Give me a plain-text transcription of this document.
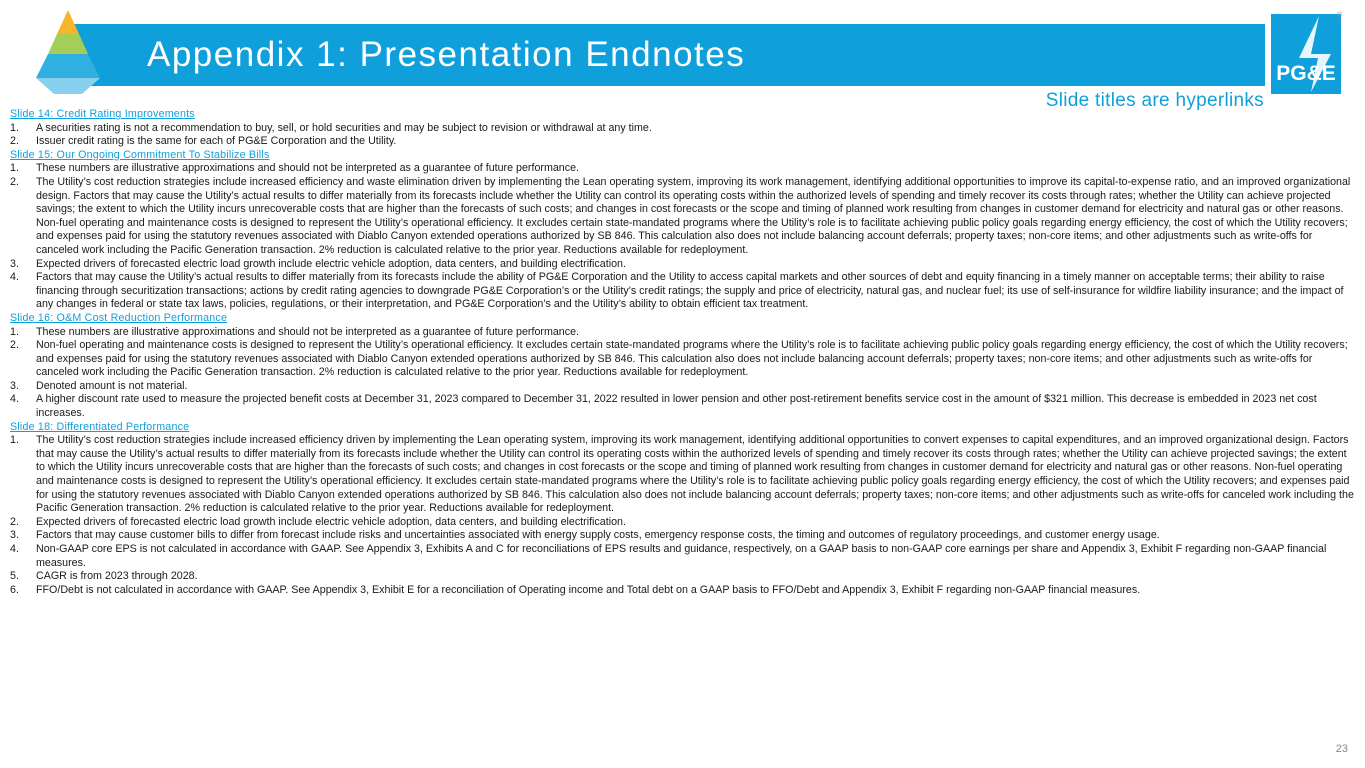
Appendix 1: Presentation Endnotes	PG&E
®
Slide titles are hyperlinks
Slide 14: Credit Rating Improvements
1.	A securities rating is not a recommendation to buy, sell, or hold securities and may be subject to revision or withdrawal at any time.
2.	Issuer credit rating is the same for each of PG&E Corporation and the Utility.
Slide 15: Our Ongoing Commitment To Stabilize Bills
1.	These numbers are illustrative approximations and should not be interpreted as a guarantee of future performance.
2.	The Utility’s cost reduction strategies include increased efficiency and waste elimination driven by implementing the Lean operating system, improving its work management, identifying additional opportunities to improve its capital-to-expense ratio, and an improved organizational design. Factors that may cause the Utility’s actual results to differ materially from its forecasts include whether the Utility can control its operating costs within the authorized levels of spending and timely recover its costs through rates; whether the Utility can achieve projected savings; the extent to which the Utility incurs unrecoverable costs that are higher than the forecasts of such costs; and changes in cost forecasts or the scope and timing of planned work resulting from changes in customer demand for electricity and natural gas or other reasons. Non-fuel operating and maintenance costs is designed to represent the Utility’s operational efficiency. It excludes certain state-mandated programs where the Utility’s role is to facilitate achieving public policy goals regarding energy efficiency, the cost of which the Utility recovers; and expenses paid for using the statutory revenues associated with Diablo Canyon extended operations authorized by SB 846. This calculation also does not include balancing account deferrals; property taxes; non-core items; and other adjustments such as write-offs for canceled work including the Pacific Generation transaction. 2% reduction is calculated relative to the prior year. Reductions available for redeployment.
3.	Expected drivers of forecasted electric load growth include electric vehicle adoption, data centers, and building electrification.
4.	Factors that may cause the Utility’s actual results to differ materially from its forecasts include the ability of PG&E Corporation and the Utility to access capital markets and other sources of debt and equity financing in a timely manner on acceptable terms; their ability to raise financing through securitization transactions; actions by credit rating agencies to downgrade PG&E Corporation’s or the Utility’s credit ratings; the supply and price of electricity, natural gas, and nuclear fuel; its use of self-insurance for wildfire liability insurance; and the impact of any changes in federal or state tax laws, policies, regulations, or their interpretation, and PG&E Corporation’s and the Utility’s ability to obtain efficient tax treatment.
Slide 16: O&M Cost Reduction Performance
1.	These numbers are illustrative approximations and should not be interpreted as a guarantee of future performance.
2.	Non-fuel operating and maintenance costs is designed to represent the Utility’s operational efficiency. It excludes certain state-mandated programs where the Utility’s role is to facilitate achieving public policy goals regarding energy efficiency, the cost of which the Utility recovers; and expenses paid for using the statutory revenues associated with Diablo Canyon extended operations authorized by SB 846. This calculation also does not include balancing account deferrals; property taxes; non-core items; and other adjustments such as write-offs for canceled work including the Pacific Generation transaction. 2% reduction is calculated relative to the prior year. Reductions available for redeployment.
3.	Denoted amount is not material.
4.	A higher discount rate used to measure the projected benefit costs at December 31, 2023 compared to December 31, 2022 resulted in lower pension and other post-retirement benefits service cost in the amount of $321 million. This decrease is embedded in 2023 net cost increases.
Slide 18: Differentiated Performance
1.	The Utility’s cost reduction strategies include increased efficiency driven by implementing the Lean operating system, improving its work management, identifying additional opportunities to convert expenses to capital expenditures, and an improved organizational design. Factors that may cause the Utility’s actual results to differ materially from its forecasts include whether the Utility can control its operating costs within the authorized levels of spending and timely recover its costs through rates; whether the Utility can achieve projected savings; the extent to which the Utility incurs unrecoverable costs that are higher than the forecasts of such costs; and changes in cost forecasts or the scope and timing of planned work resulting from changes in customer demand for electricity and natural gas or other reasons. Non-fuel operating and maintenance costs is designed to represent the Utility’s operational efficiency. It excludes certain state-mandated programs where the Utility’s role is to facilitate achieving public policy goals regarding energy efficiency, the cost of which the Utility recovers; and expenses paid for using the statutory revenues associated with Diablo Canyon extended operations authorized by SB 846. This calculation also does not include balancing account deferrals; property taxes; non-core items; and other adjustments such as write-offs for canceled work including the Pacific Generation transaction. 2% reduction is calculated relative to the prior year. Reductions available for redeployment.
2.	Expected drivers of forecasted electric load growth include electric vehicle adoption, data centers, and building electrification.
3.	Factors that may cause customer bills to differ from forecast include risks and uncertainties associated with energy supply costs, emergency response costs, the timing and outcomes of regulatory proceedings, and customer energy usage.
4.	Non-GAAP core EPS is not calculated in accordance with GAAP. See Appendix 3, Exhibits A and C for reconciliations of EPS results and guidance, respectively, on a GAAP basis to non-GAAP core earnings per share and Appendix 3, Exhibit F regarding non-GAAP financial measures.
5.	CAGR is from 2023 through 2028.
6.	FFO/Debt is not calculated in accordance with GAAP. See Appendix 3, Exhibit E for a reconciliation of Operating income and Total debt on a GAAP basis to FFO/Debt and Appendix 3, Exhibit F regarding non-GAAP financial measures.
23
